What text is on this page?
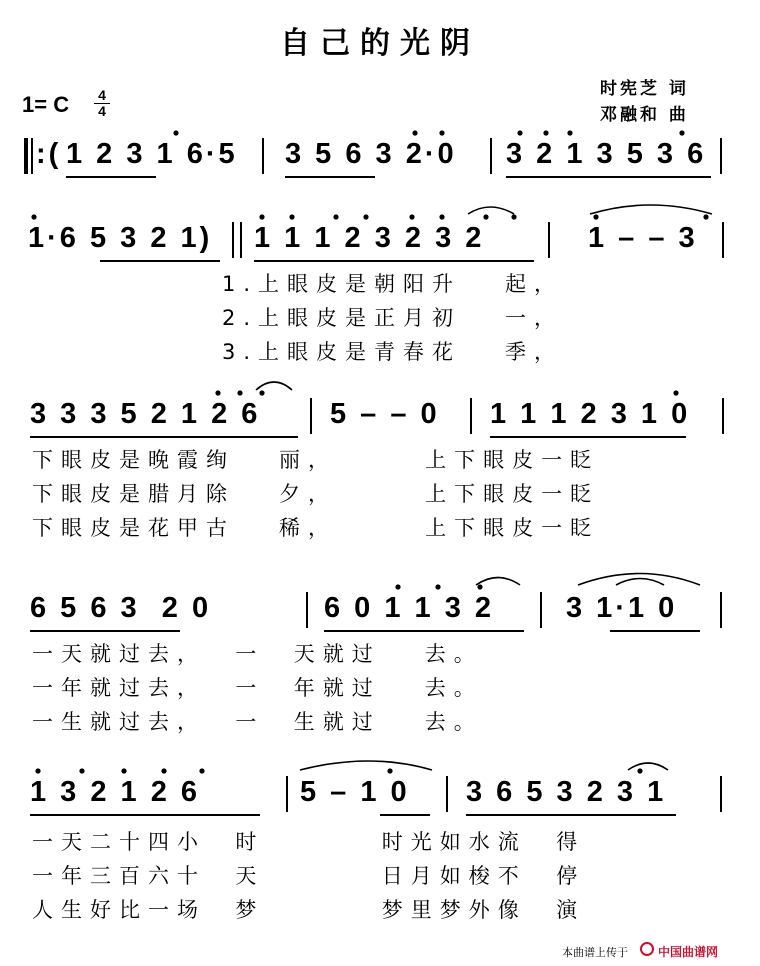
自己的光阴
时宪芝 词
邓融和 曲
1= C 4
4
:( 1 2 3 1 6·5 3 5 6 3 2·0 3 2 1 3 5 3 6
1·6 5 3 2 1) 1 1 1 2 3 2 3 2	1 – – 3
1.上眼皮是朝阳升   起，
2.上眼皮是正月初   一，
3.上眼皮是青春花   季，
3 3 3 5 2 1 2 6 5 – – 0 1 1 1 2 3 1 0
下眼皮是晚霞绚   丽，      上下眼皮一眨
下眼皮是腊月除   夕，      上下眼皮一眨
下眼皮是花甲古   稀，      上下眼皮一眨
6 5 6 3  2 0	6 0 1 1 3 2 3 1·1 0
一天就过去，  一  天就过   去。
一年就过去，  一  年就过   去。
一生就过去，  一  生就过   去。
1 3 2 1 2 6	5 – 1 0 3 6 5 3 2 3 1
一天二十四小  时        时光如水流  得
一年三百六十  天        日月如梭不  停
人生好比一场  梦        梦里梦外像  演
本曲谱上传于	中国曲谱网
